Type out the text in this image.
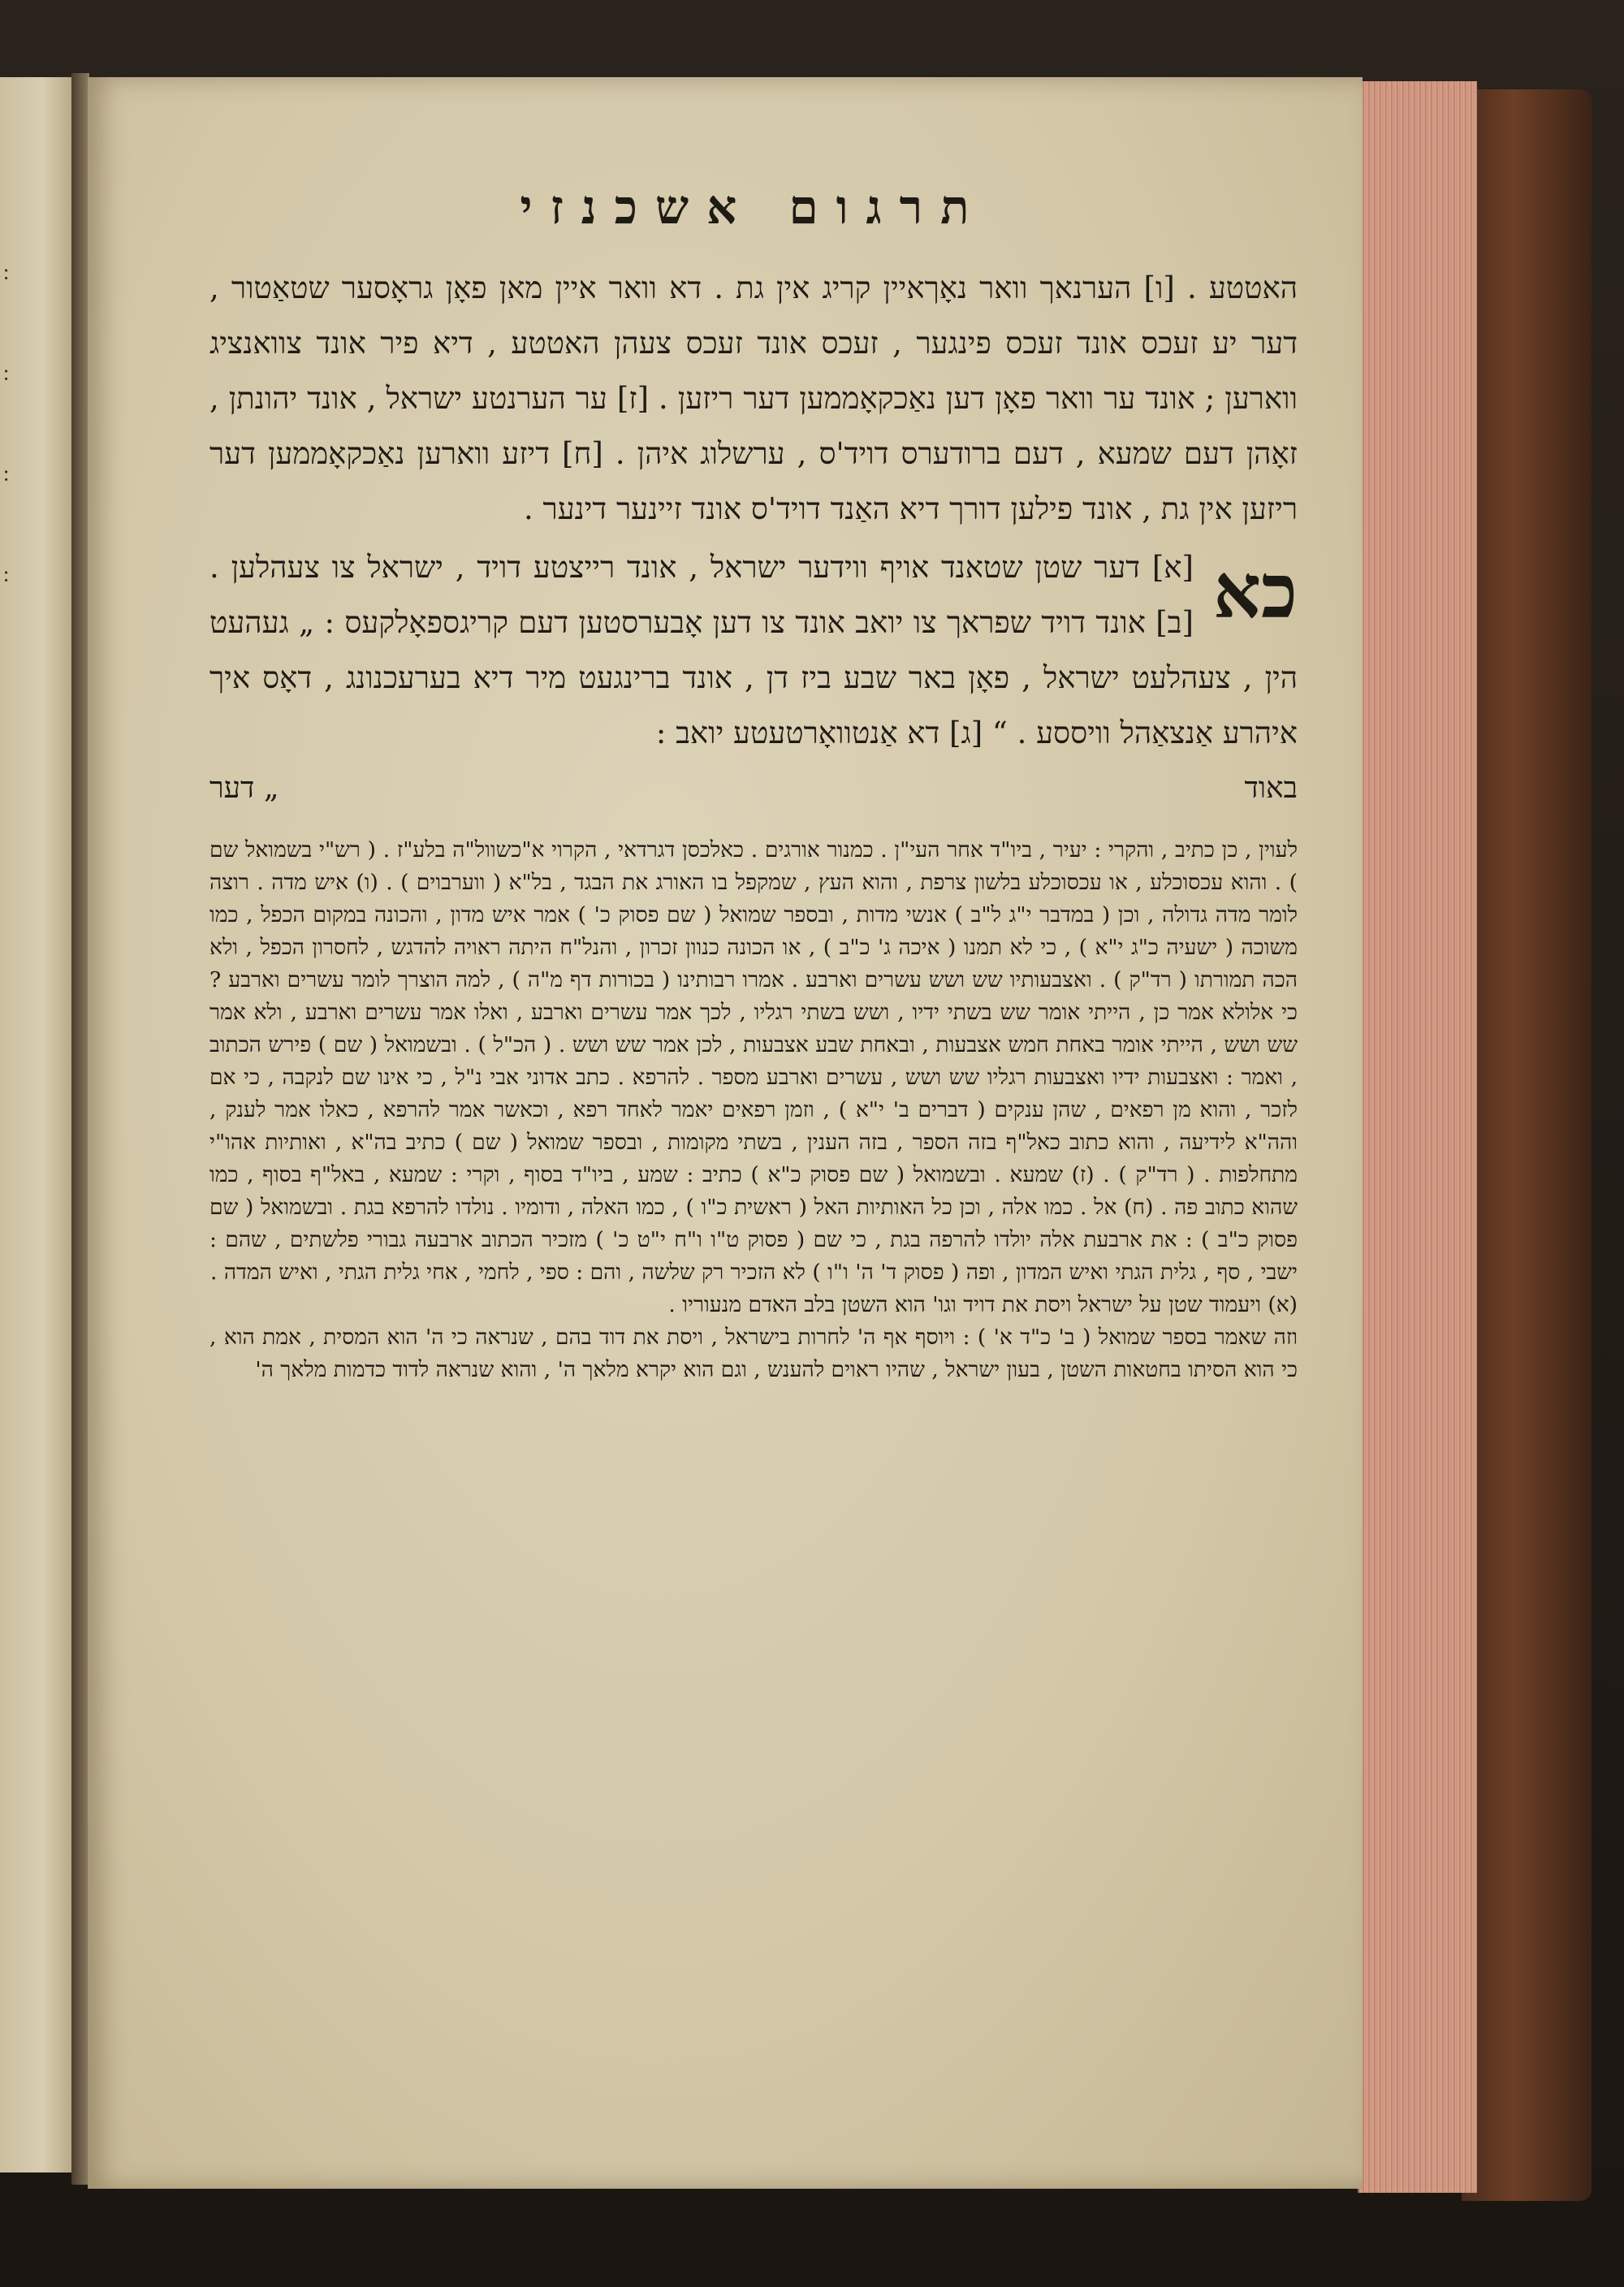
תרגום אשכנזי

האטטע . [ו] הערנאך וואר נאָךאיין קריג אין גת . דא וואר איין מאן פאָן גראָסער שטאַטור , דער יע זעכס אונד זעכס פינגער , זעכס אונד זעכס צעהן האטטע , דיא פיר אונד צוואנציג ווארען ; אונד ער וואר פאָן דען נאַכקאָממען דער ריזען . [ז] ער הערנטע ישראל , אונד יהונתן , זאָהן דעם שמעא , דעם ברודערס דויד'ס , ערשלוג איהן . [ח] דיזע ווארען נאַכקאָממען דער ריזען אין גת , אונד פילען דורך דיא האַנד דויד'ס אונד זיינער דינער .

כא

[א] דער שטן שטאנד אויף ווידער ישראל , אונד רייצטע דויד , ישראל צו צעהלען . [ב] אונד דויד שפראך צו יואב אונד צו דען אָבערסטען דעם קריגספאָלקעס : „ געהעט הין , צעהלעט ישראל , פאָן באר שבע ביז דן , אונד ברינגעט מיר דיא בערעכנונג , דאָס איך איהרע אַנצאַהל וויססע . “ [ג] דא אַנטוואָרטעטע יואב :

באוד
„ דער

לעוין , כן כתיב , והקרי : יעיר , ביו"ד אחר העי"ן . כמנור אורגים . כאלכסן דגרדאי , הקרוי א"כשוול"ה בלע"ז . ( רש"י בשמואל שם ) . והוא עכסוכלע , או עכסוכלע בלשון צרפת , והוא העץ , שמקפל בו האורג את הבגד , בל"א ( ווערבוים ) . (ו) איש מדה . רוצה לומר מדה גדולה , וכן ( במדבר י"ג ל"ב ) אנשי מדות , ובספר שמואל ( שם פסוק כ' ) אמר איש מדון , והכונה במקום הכפל , כמו משוכה ( ישעיה כ"ג י"א ) , כי לא תמנו ( איכה ג' כ"ב ) , או הכונה כנוון זכרון , והנל"ח היתה ראויה להדגש , לחסרון הכפל , ולא הכה תמורתו ( רד"ק ) . ואצבעותיו שש ושש עשרים וארבע . אמרו רבותינו ( בכורות דף מ"ה ) , למה הוצרך לומר עשרים וארבע ? כי אלולא אמר כן , הייתי אומר שש בשתי ידיו , ושש בשתי רגליו , לכך אמר עשרים וארבע , ואלו אמר עשרים וארבע , ולא אמר שש ושש , הייתי אומר באחת חמש אצבעות , ובאחת שבע אצבעות , לכן אמר שש ושש . ( הכ"ל ) . ובשמואל ( שם ) פירש הכתוב , ואמר : ואצבעות ידיו ואצבעות רגליו שש ושש , עשרים וארבע מספר . להרפא . כתב אדוני אבי נ"ל , כי אינו שם לנקבה , כי אם לזכר , והוא מן רפאים , שהן ענקים ( דברים ב' י"א ) , וזמן רפאים יאמר לאחד רפא , וכאשר אמר להרפא , כאלו אמר לענק , והה"א לידיעה , והוא כתוב כאל"ף בזה הספר , בזה הענין , בשתי מקומות , ובספר שמואל ( שם ) כתיב בה"א , ואותיות אהו"י מתחלפות . ( רד"ק ) . (ז) שמעא . ובשמואל ( שם פסוק כ"א ) כתיב : שמע , ביו"ד בסוף , וקרי : שמעא , באל"ף בסוף , כמו שהוא כתוב פה . (ח) אל . כמו אלה , וכן כל האותיות האל ( ראשית כ"ו ) , כמו האלה , ודומיו . נולדו להרפא בגת . ובשמואל ( שם פסוק כ"ב ) : את ארבעת אלה יולדו להרפה בגת , כי שם ( פסוק ט"ו ו"ח י"ט כ' ) מזכיר הכתוב ארבעה גבורי פלשתים , שהם : ישבי , סף , גלית הגתי ואיש המדון , ופה ( פסוק ד' ה' ו"ו ) לא הזכיר רק שלשה , והם : ספי , לחמי , אחי גלית הגתי , ואיש המדה .

(א) ויעמוד שטן על ישראל ויסת את דויד וגו' הוא השטן בלב האדם מנעוריו .

וזה שאמר בספר שמואל ( ב' כ"ד א' ) : ויוסף אף ה' לחרות בישראל , ויסת את דוד בהם , שנראה כי ה' הוא המסית , אמת הוא , כי הוא הסיתו בחטאות השטן , בעון ישראל , שהיו ראוים להענש , וגם הוא יקרא מלאך ה' , והוא שנראה לדוד כדמות מלאך ה'
